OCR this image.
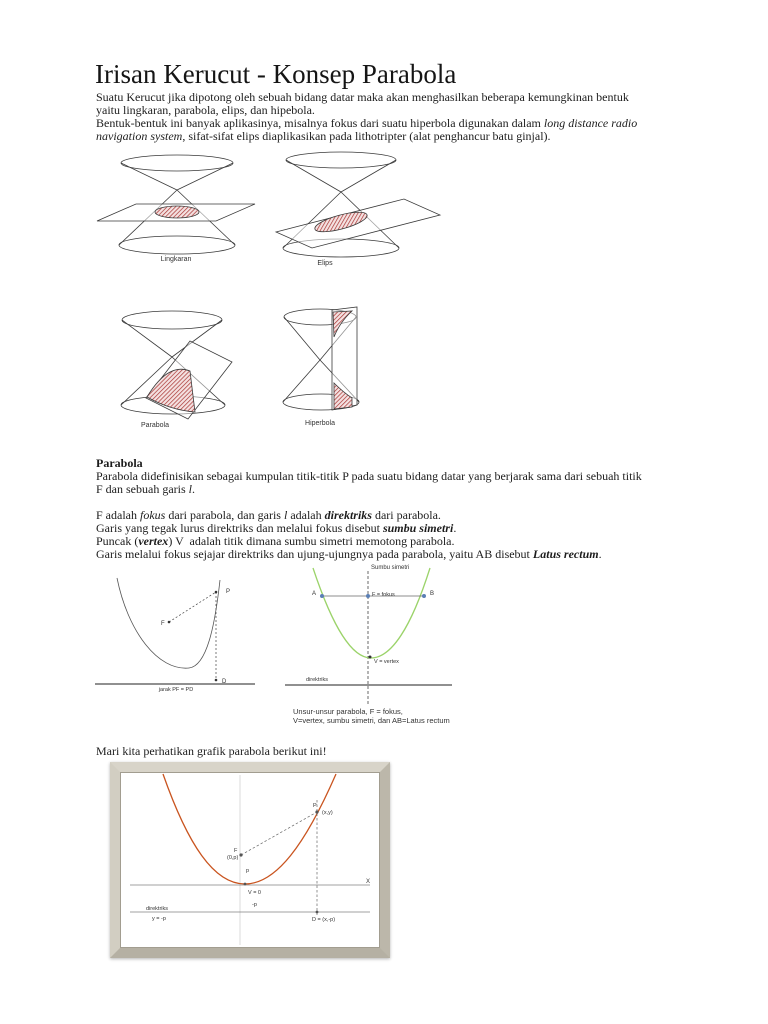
Irisan Kerucut - Konsep Parabola
Suatu Kerucut jika dipotong oleh sebuah bidang datar maka akan menghasilkan beberapa kemungkinan bentuk
yaitu lingkaran, parabola, elips, dan hipebola.
Bentuk-bentuk ini banyak aplikasinya, misalnya fokus dari suatu hiperbola digunakan dalam long distance radio
navigation system, sifat-sifat elips diaplikasikan pada lithotripter (alat penghancur batu ginjal).
Lingkaran
Elips
Parabola	Hiperbola
Parabola
Parabola didefinisikan sebagai kumpulan titik-titik P pada suatu bidang datar yang berjarak sama dari sebuah titik
F dan sebuah garis l.
F adalah fokus dari parabola, dan garis l adalah direktriks dari parabola.
Garis yang tegak lurus direktriks dan melalui fokus disebut sumbu simetri.
Puncak (vertex) V  adalah titik dimana sumbu simetri memotong parabola.
Garis melalui fokus sejajar direktriks dan ujung-ujungnya pada parabola, yaitu AB disebut Latus rectum.
P
F
D
jarak PF = PD
Sumbu simetri
A	F = fokus	B
V = vertex
direktriks
Unsur-unsur parabola, F = fokus,
V=vertex, sumbu simetri, dan AB=Latus rectum
Mari kita perhatikan grafik parabola berikut ini!
X
P
(x,y)
F
(0,p)
p
V = 0
-p
direktriks
y = -p	D = (x,-p)
